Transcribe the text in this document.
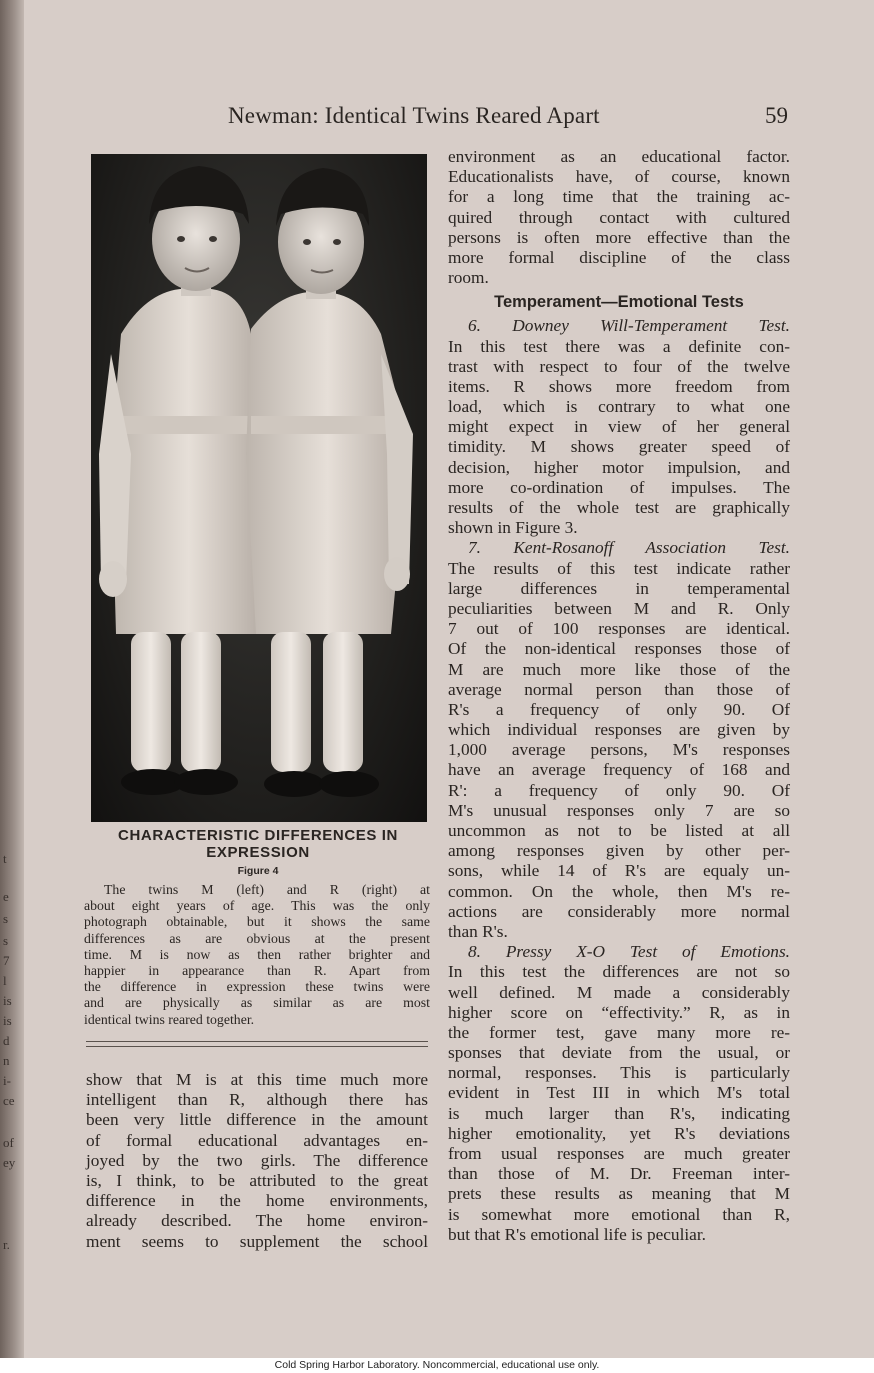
t
e
s
s
7
l
is
is
d
n
i-
ce
of
ey
r.
Newman: Identical Twins Reared Apart	59
CHARACTERISTIC DIFFERENCES IN
EXPRESSION
Figure 4
The twins M (left) and R (right) at
about eight years of age. This was the only
photograph obtainable, but it shows the same
differences as are obvious at the present
time. M is now as then rather brighter and
happier in appearance than R. Apart from
the difference in expression these twins were
and are physically as similar as are most
identical twins reared together.
show that M is at this time much more
intelligent than R, although there has
been very little difference in the amount
of formal educational advantages en-
joyed by the two girls. The difference
is, I think, to be attributed to the great
difference in the home environments,
already described. The home environ-
ment seems to supplement the school
environment as an educational factor.
Educationalists have, of course, known
for a long time that the training ac-
quired through contact with cultured
persons is often more effective than the
more formal discipline of the class
room.
Temperament—Emotional Tests
6. Downey Will-Temperament Test.
In this test there was a definite con-
trast with respect to four of the twelve
items. R shows more freedom from
load, which is contrary to what one
might expect in view of her general
timidity. M shows greater speed of
decision, higher motor impulsion, and
more co-ordination of impulses. The
results of the whole test are graphically
shown in Figure 3.
7. Kent-Rosanoff Association Test.
The results of this test indicate rather
large differences in temperamental
peculiarities between M and R. Only
7 out of 100 responses are identical.
Of the non-identical responses those of
M are much more like those of the
average normal person than those of
R's a frequency of only 90. Of
which individual responses are given by
1,000 average persons, M's responses
have an average frequency of 168 and
R': a frequency of only 90. Of
M's unusual responses only 7 are so
uncommon as not to be listed at all
among responses given by other per-
sons, while 14 of R's are equaly un-
common. On the whole, then M's re-
actions are considerably more normal
than R's.
8. Pressy X-O Test of Emotions.
In this test the differences are not so
well defined. M made a considerably
higher score on “effectivity.” R, as in
the former test, gave many more re-
sponses that deviate from the usual, or
normal, responses. This is particularly
evident in Test III in which M's total
is much larger than R's, indicating
higher emotionality, yet R's deviations
from usual responses are much greater
than those of M. Dr. Freeman inter-
prets these results as meaning that M
is somewhat more emotional than R,
but that R's emotional life is peculiar.
Cold Spring Harbor Laboratory. Noncommercial, educational use only.
